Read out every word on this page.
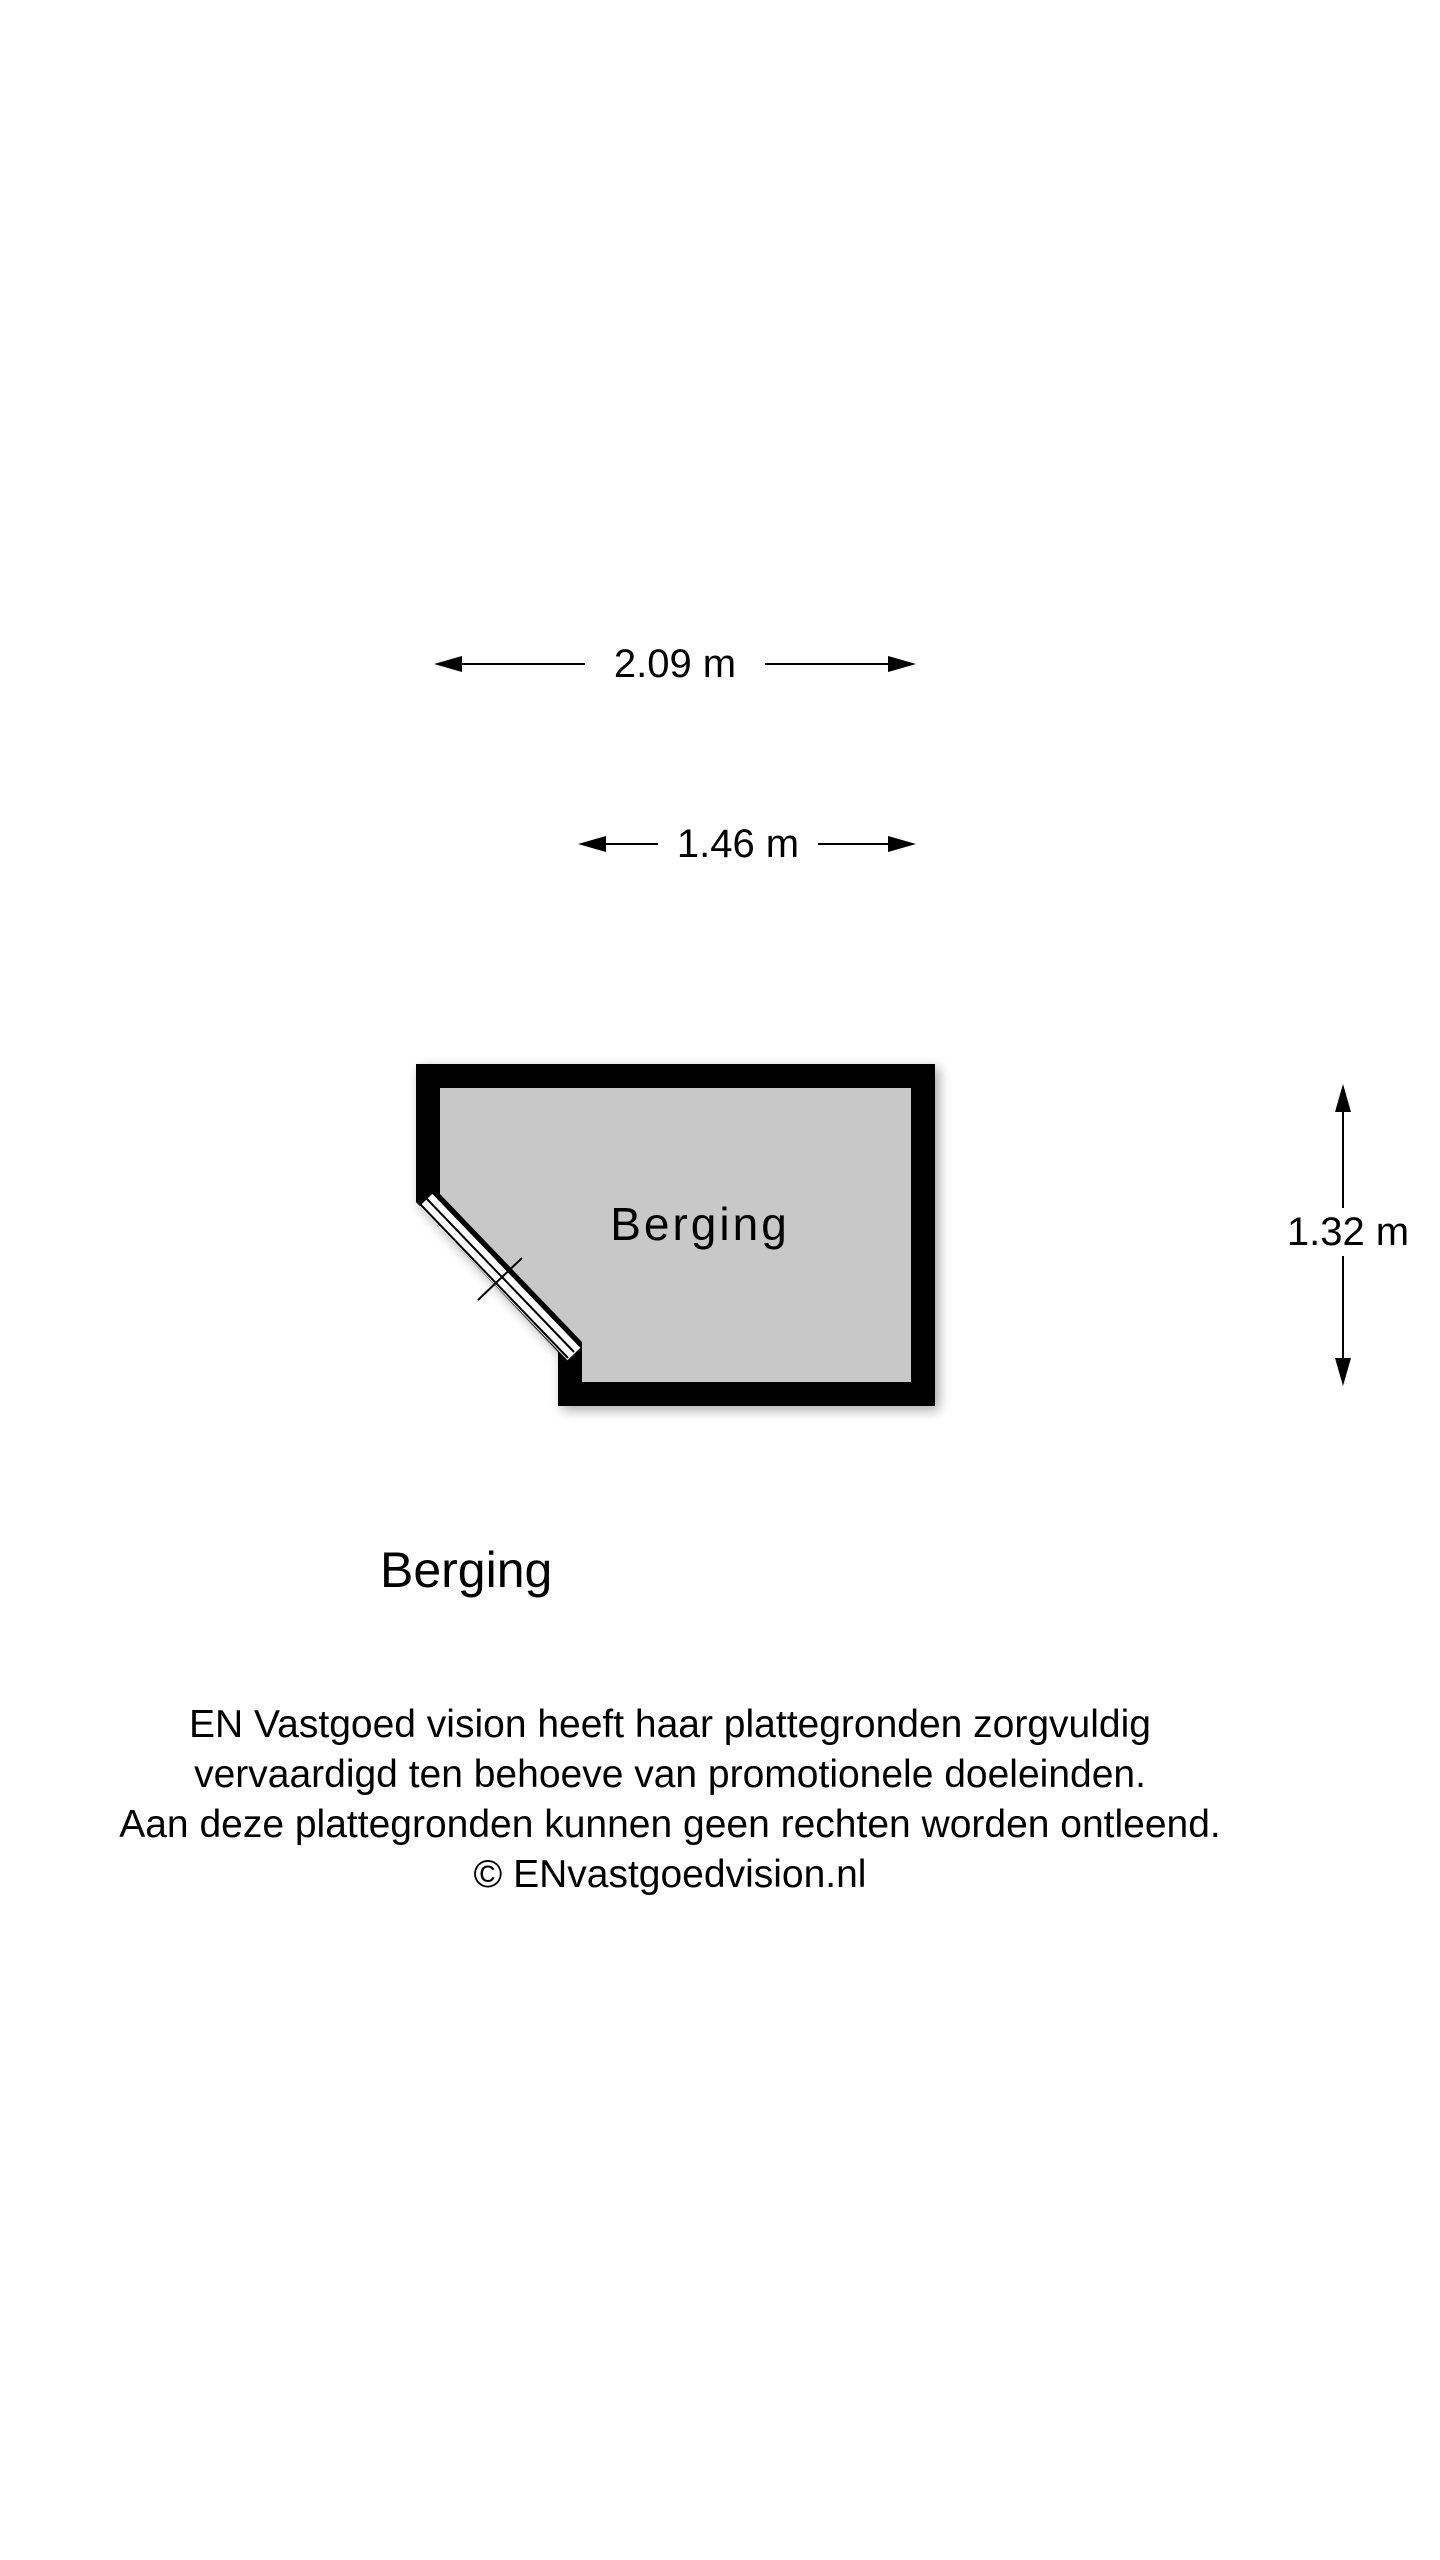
2.09 m
1.46 m
1.32 m
Berging
Berging
EN Vastgoed vision heeft haar plattegronden zorgvuldig
vervaardigd ten behoeve van promotionele doeleinden.
Aan deze plattegronden kunnen geen rechten worden ontleend.
© ENvastgoedvision.nl
